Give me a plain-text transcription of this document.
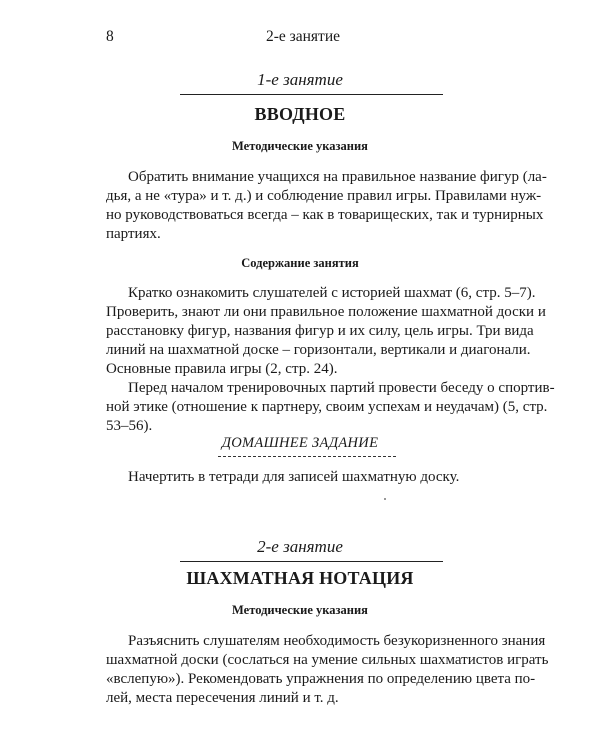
8	2-е занятие
1-е занятие
ВВОДНОЕ
Методические указания
Обратить внимание учащихся на правильное название фигур (ла-
дья, а не «тура» и т. д.) и соблюдение правил игры. Правилами нуж-
но руководствоваться всегда – как в товарищеских, так и турнирных
партиях.
Содержание занятия
Кратко ознакомить слушателей с историей шахмат (6, стр. 5–7).
Проверить, знают ли они правильное положение шахматной доски и
расстановку фигур, названия фигур и их силу, цель игры. Три вида
линий на шахматной доске – горизонтали, вертикали и диагонали.
Основные правила игры (2, стр. 24).
Перед началом тренировочных партий провести беседу о спортив-
ной этике (отношение к партнеру, своим успехам и неудачам) (5, стр.
53–56).
ДОМАШНЕЕ ЗАДАНИЕ
Начертить в тетради для записей шахматную доску.
2-е занятие
ШАХМАТНАЯ НОТАЦИЯ
Методические указания
Разъяснить слушателям необходимость безукоризненного знания
шахматной доски (сослаться на умение сильных шахматистов играть
«вслепую»). Рекомендовать упражнения по определению цвета по-
лей, места пересечения линий и т. д.
